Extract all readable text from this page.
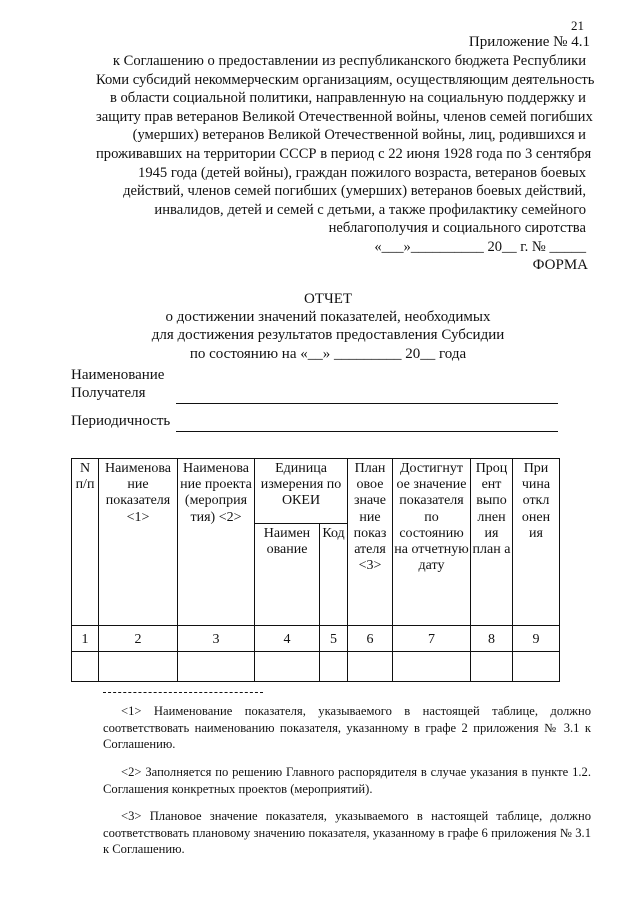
21
Приложение № 4.1
к Соглашению о предоставлении из республиканского бюджета Республики
Коми субсидий некоммерческим организациям, осуществляющим деятельность
в области социальной политики, направленную на социальную поддержку и
защиту прав ветеранов Великой Отечественной войны, членов семей погибших
(умерших) ветеранов Великой Отечественной войны, лиц, родившихся и
проживавших на территории СССР в период с 22 июня 1928 года по 3 сентября
1945 года (детей войны), граждан пожилого возраста, ветеранов боевых
действий, членов семей погибших (умерших) ветеранов боевых действий,
инвалидов, детей и семей с детьми, а также профилактику семейного
неблагополучия и социального сиротства
«___»__________ 20__ г. № _____
ФОРМА
ОТЧЕТ
о достижении значений показателей, необходимых
для достижения результатов предоставления Субсидии
по состоянию на «__» _________ 20__ года
Наименование
Получателя
Периодичность
N п/п	Наименова ние показателя <1>	Наименова ние проекта (мероприя тия) <2>	Единица измерения по ОКЕИ		План овое значе ние показ ателя <3>	Достигнут ое значение показателя по состоянию на отчетную дату	Проц ент выпо лнен ия план а	При чина откл онен ия
			Наимен ование	Код				
1	2	3	4	5	6	7	8	9

<1> Наименование показателя, указываемого в настоящей таблице, должно соответствовать наименованию показателя, указанному в графе 2 приложения № 3.1 к Соглашению.
<2> Заполняется по решению Главного распорядителя в случае указания в пункте 1.2. Соглашения конкретных проектов (мероприятий).
<3> Плановое значение показателя, указываемого в настоящей таблице, должно соответствовать плановому значению показателя, указанному в графе 6 приложения № 3.1 к Соглашению.
